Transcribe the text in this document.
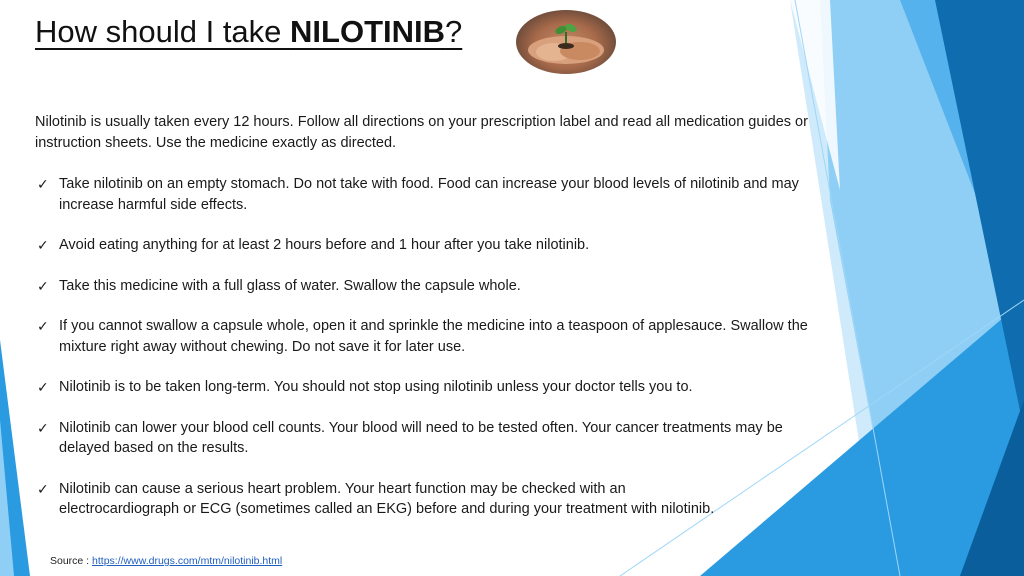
How should I take NILOTINIB?
Nilotinib is usually taken every 12 hours. Follow all directions on your prescription label and read all medication guides or instruction sheets. Use the medicine exactly as directed.
✓ Take nilotinib on an empty stomach. Do not take with food. Food can increase your blood levels of nilotinib and may increase harmful side effects.
✓ Avoid eating anything for at least 2 hours before and 1 hour after you take nilotinib.
✓ Take this medicine with a full glass of water. Swallow the capsule whole.
✓ If you cannot swallow a capsule whole, open it and sprinkle the medicine into a teaspoon of applesauce. Swallow the mixture right away without chewing. Do not save it for later use.
✓ Nilotinib is to be taken long-term. You should not stop using nilotinib unless your doctor tells you to.
✓ Nilotinib can lower your blood cell counts. Your blood will need to be tested often. Your cancer treatments may be delayed based on the results.
✓ Nilotinib can cause a serious heart problem. Your heart function may be checked with an electrocardiograph or ECG (sometimes called an EKG) before and during your treatment with nilotinib.
Source : https://www.drugs.com/mtm/nilotinib.html
